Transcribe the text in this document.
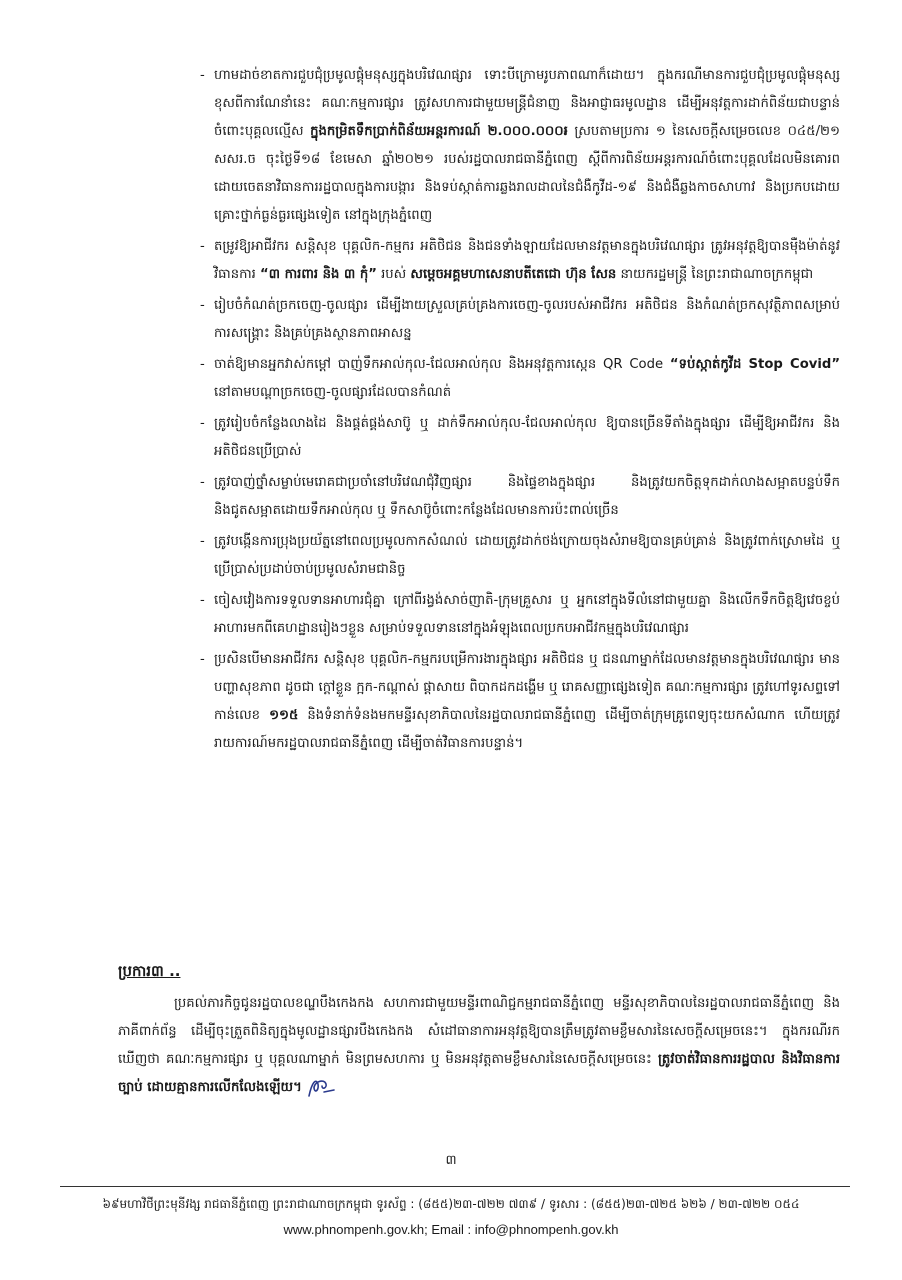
- ហាមដាច់ខាតការជួបជុំប្រមូលផ្ដុំមនុស្សក្នុងបរិវេណផ្សារ ទោះបីក្រោមរូបភាពណាក៏ដោយ។ ក្នុងករណីមានការជួបជុំប្រមូលផ្ដុំមនុស្សខុសពីការណែនាំនេះ គណៈកម្មការផ្សារ ត្រូវសហការជាមួយមន្ត្រីជំនាញ និងអាជ្ញាធរមូលដ្ឋាន ដើម្បីអនុវត្តការដាក់ពិន័យជាបន្ទាន់ចំពោះបុគ្គលល្មើស ក្នុងកម្រិតទឹកប្រាក់ពិន័យអន្តរការណ៍ ២.០០០.០០០៛ ស្របតាមប្រការ ១ នៃសេចក្ដីសម្រេចលេខ ០៤៥/២១ សសរ.ច ចុះថ្ងៃទី១៨ ខែមេសា ឆ្នាំ២០២១ របស់រដ្ឋបាលរាជធានីភ្នំពេញ ស្ដីពីការពិន័យអន្តរការណ៍ចំពោះបុគ្គលដែលមិនគោរពដោយចេតនាវិធានការរដ្ឋបាលក្នុងការបង្ការ និងទប់ស្កាត់ការឆ្លងរាលដាលនៃជំងឺកូវីដ-១៩ និងជំងឺឆ្លងកាចសាហាវ និងប្រកបដោយគ្រោះថ្នាក់ធ្ងន់ធ្ងរផ្សេងទៀត នៅក្នុងក្រុងភ្នំពេញ

- តម្រូវឱ្យអាជីវករ សន្តិសុខ បុគ្គលិក-កម្មករ អតិថិជន និងជនទាំងឡាយដែលមានវត្តមានក្នុងបរិវេណផ្សារ ត្រូវអនុវត្តឱ្យបានម៉ឺងម៉ាត់នូវវិធានការ “៣ ការពារ និង ៣ កុំ” របស់ សម្ដេចអគ្គមហាសេនាបតីតេជោ ហ៊ុន សែន នាយករដ្ឋមន្ត្រី នៃព្រះរាជាណាចក្រកម្ពុជា

- រៀបចំកំណត់ច្រកចេញ-ចូលផ្សារ ដើម្បីងាយស្រួលគ្រប់គ្រងការចេញ-ចូលរបស់អាជីវករ អតិថិជន និងកំណត់ច្រកសុវត្ថិភាពសម្រាប់ការសង្គ្រោះ និងគ្រប់គ្រងស្ថានភាពអាសន្ន

- ចាត់ឱ្យមានអ្នកវាស់កម្ដៅ បាញ់ទឹកអាល់កុល-ជែលអាល់កុល និងអនុវត្តការស្កេន QR Code “ទប់ស្កាត់កូវីដ Stop Covid” នៅតាមបណ្ដាច្រកចេញ-ចូលផ្សារដែលបានកំណត់

- ត្រូវរៀបចំកន្លែងលាងដៃ និងផ្គត់ផ្គង់សាប៊ូ ឬ ដាក់ទឹកអាល់កុល-ជែលអាល់កុល ឱ្យបានច្រើនទីតាំងក្នុងផ្សារ ដើម្បីឱ្យអាជីវករ និងអតិថិជនប្រើប្រាស់

- ត្រូវបាញ់ថ្នាំសម្លាប់មេរោគជាប្រចាំនៅបរិវេណជុំវិញផ្សារ និងផ្ទៃខាងក្នុងផ្សារ និងត្រូវយកចិត្តទុកដាក់លាងសម្អាតបន្ទប់ទឹក និងជូតសម្អាតដោយទឹកអាល់កុល ឬ ទឹកសាប៊ូចំពោះកន្លែងដែលមានការប៉ះពាល់ច្រើន

- ត្រូវបង្កើនការប្រុងប្រយ័ត្ននៅពេលប្រមូលកាកសំណល់ ដោយត្រូវដាក់ថង់ក្រោយចុងសំរាមឱ្យបានគ្រប់គ្រាន់ និងត្រូវពាក់ស្រោមដៃ ឬ ប្រើប្រាស់ប្រដាប់ចាប់ប្រមូលសំរាមជានិច្ច

- ចៀសវៀងការទទួលទានអាហារជុំគ្នា ក្រៅពីរង្វង់សាច់ញាតិ-ក្រុមគ្រួសារ ឬ អ្នកនៅក្នុងទីលំនៅជាមួយគ្នា និងលើកទឹកចិត្តឱ្យវេចខ្ចប់អាហារមកពីគេហដ្ឋានរៀងៗខ្លួន សម្រាប់ទទួលទាននៅក្នុងអំឡុងពេលប្រកបអាជីវកម្មក្នុងបរិវេណផ្សារ

- ប្រសិនបើមានអាជីវករ សន្តិសុខ បុគ្គលិក-កម្មករបម្រើការងារក្នុងផ្សារ អតិថិជន ឬ ជនណាម្នាក់ដែលមានវត្តមានក្នុងបរិវេណផ្សារ មានបញ្ហាសុខភាព ដូចជា ក្ដៅខ្លួន ក្អក-កណ្ដាស់ ផ្ដាសាយ ពិបាកដកដង្ហើម ឬ រោគសញ្ញាផ្សេងទៀត គណៈកម្មការផ្សារ ត្រូវហៅទូរសព្ទទៅកាន់លេខ ១១៥ និងទំនាក់ទំនងមកមន្ទីរសុខាភិបាលនៃរដ្ឋបាលរាជធានីភ្នំពេញ ដើម្បីចាត់ក្រុមគ្រូពេទ្យចុះយកសំណាក ហើយត្រូវរាយការណ៍មករដ្ឋបាលរាជធានីភ្នំពេញ ដើម្បីចាត់វិធានការបន្ទាន់។

ប្រការ៣ ..
ប្រគល់ភារកិច្ចជូនរដ្ឋបាលខណ្ឌបឹងកេងកង សហការជាមួយមន្ទីរពាណិជ្ជកម្មរាជធានីភ្នំពេញ មន្ទីរសុខាភិបាលនៃរដ្ឋបាលរាជធានីភ្នំពេញ និងភាគីពាក់ព័ន្ធ ដើម្បីចុះត្រួតពិនិត្យក្នុងមូលដ្ឋានផ្សារបឹងកេងកង សំដៅធានាការអនុវត្តឱ្យបានត្រឹមត្រូវតាមខ្លឹមសារនៃសេចក្ដីសម្រេចនេះ។ ក្នុងករណីរកឃើញថា គណៈកម្មការផ្សារ ឬ បុគ្គលណាម្នាក់ មិនព្រមសហការ ឬ មិនអនុវត្តតាមខ្លឹមសារនៃសេចក្ដីសម្រេចនេះ ត្រូវចាត់វិធានការរដ្ឋបាល និងវិធានការច្បាប់ ដោយគ្មានការលើកលែងឡើយ។
៣
៦៩មហាវិថីព្រះមុនីវង្ស រាជធានីភ្នំពេញ ព្រះរាជាណាចក្រកម្ពុជា ទូរស័ព្ទ : (៨៥៥)២៣-៧២២ ៧៣៩ / ទូរសារ : (៨៥៥)២៣-៧២៥ ៦២៦ / ២៣-៧២២ ០៥៤
www.phnompenh.gov.kh; Email : info@phnompenh.gov.kh
